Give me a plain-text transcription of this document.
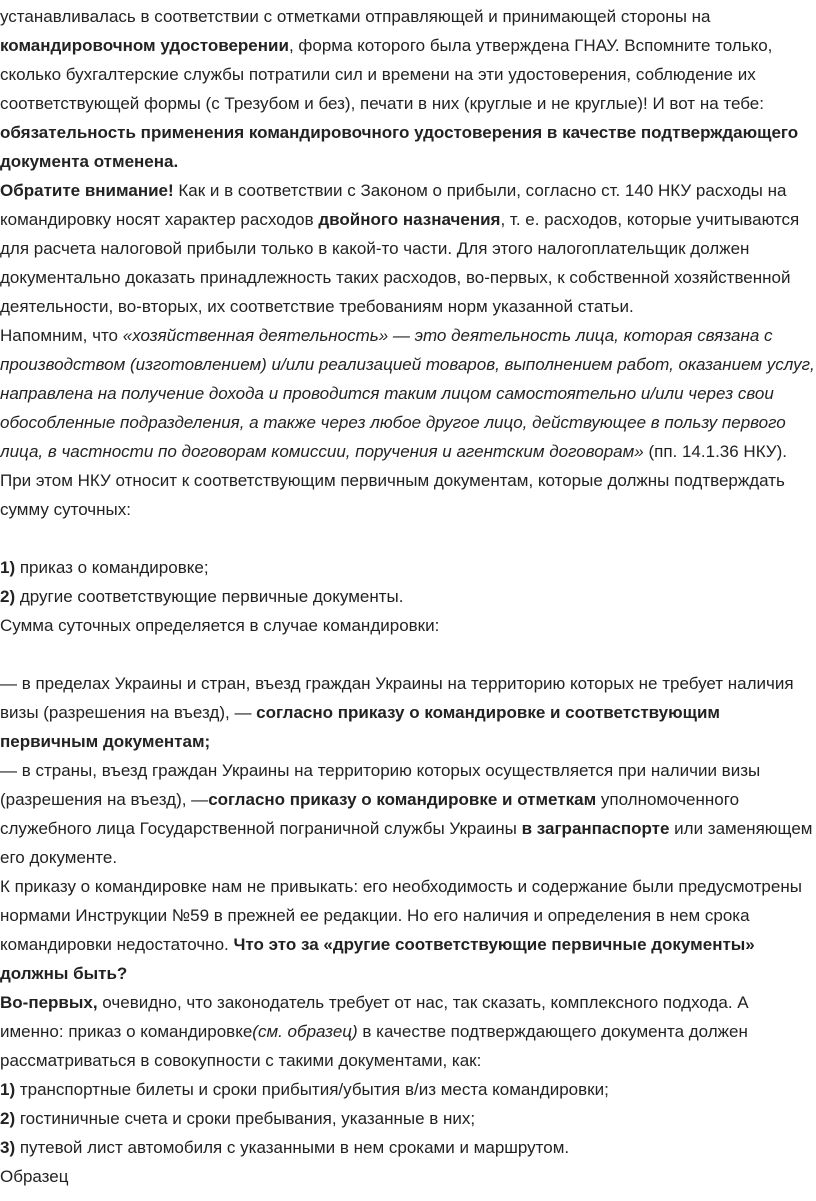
устанавливалась в соответствии с отметками отправляющей и принимающей стороны на командировочном удостоверении, форма которого была утверждена ГНАУ. Вспомните только, сколько бухгалтерские службы потратили сил и времени на эти удостоверения, соблюдение их соответствующей формы (с Трезубом и без), печати в них (круглые и не круглые)! И вот на тебе: обязательность применения командировочного удостоверения в качестве подтверждающего документа отменена.

Обратите внимание! Как и в соответствии с Законом о прибыли, согласно ст. 140 НКУ расходы на командировку носят характер расходов двойного назначения, т. е. расходов, которые учитываются для расчета налоговой прибыли только в какой-то части. Для этого налогоплательщик должен документально доказать принадлежность таких расходов, во-первых, к собственной хозяйственной деятельности, во-вторых, их соответствие требованиям норм указанной статьи.

Напомним, что «хозяйственная деятельность» — это деятельность лица, которая связана с производством (изготовлением) и/или реализацией товаров, выполнением работ, оказанием услуг, направлена на получение дохода и проводится таким лицом самостоятельно и/или через свои обособленные подразделения, а также через любое другое лицо, действующее в пользу первого лица, в частности по договорам комиссии, поручения и агентским договорам» (пп. 14.1.36 НКУ).

При этом НКУ относит к соответствующим первичным документам, которые должны подтверждать сумму суточных:

1) приказ о командировке;

2) другие соответствующие первичные документы.

Сумма суточных определяется в случае командировки:

— в пределах Украины и стран, въезд граждан Украины на территорию которых не требует наличия визы (разрешения на въезд), — согласно приказу о командировке и соответствующим первичным документам;

— в страны, въезд граждан Украины на территорию которых осуществляется при наличии визы (разрешения на въезд), —согласно приказу о командировке и отметкам уполномоченного служебного лица Государственной пограничной службы Украины в загранпаспорте или заменяющем его документе.

К приказу о командировке нам не привыкать: его необходимость и содержание были предусмотрены нормами Инструкции №59 в прежней ее редакции. Но его наличия и определения в нем срока командировки недостаточно. Что это за «другие соответствующие первичные документы» должны быть?

Во-первых, очевидно, что законодатель требует от нас, так сказать, комплексного подхода. А именно: приказ о командировке(см. образец) в качестве подтверждающего документа должен рассматриваться в совокупности с такими документами, как:

1) транспортные билеты и сроки прибытия/убытия в/из места командировки;

2) гостиничные счета и сроки пребывания, указанные в них;

3) путевой лист автомобиля с указанными в нем сроками и маршрутом.

Образец
